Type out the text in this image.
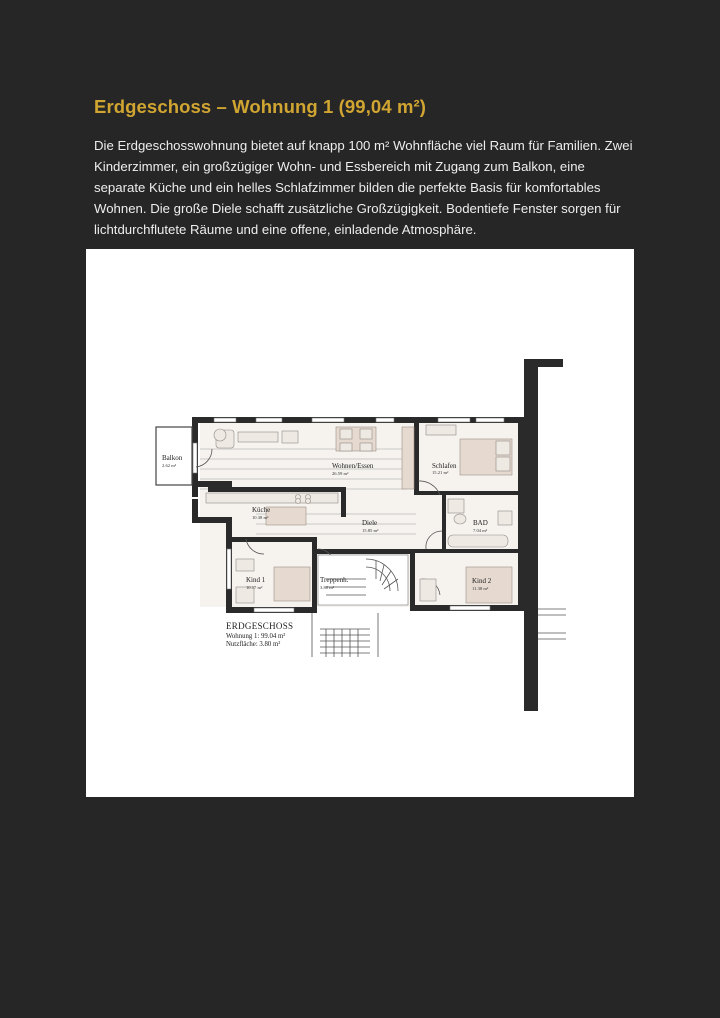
Erdgeschoss – Wohnung 1 (99,04 m²)

Die Erdgeschosswohnung bietet auf knapp 100 m² Wohnfläche viel Raum für Familien. Zwei Kinderzimmer, ein großzügiger Wohn- und Essbereich mit Zugang zum Balkon, eine separate Küche und ein helles Schlafzimmer bilden die perfekte Basis für komfortables Wohnen. Die große Diele schafft zusätzliche Großzügigkeit. Bodentiefe Fenster sorgen für lichtdurchflutete Räume und eine offene, einladende Atmosphäre.

Balkon
2.62 m²	Wohnen/Essen
26.59 m²
Schlafen
15.21 m²
Küche
10.38 m²
Diele
15.85 m²
BAD
7.04 m²
Kind 1
10.17 m²
Treppenh.
3.80 m²
Kind 2
11.38 m²
ERDGESCHOSS
Wohnung 1: 99.04 m²
Nutzfläche: 3.80 m²
